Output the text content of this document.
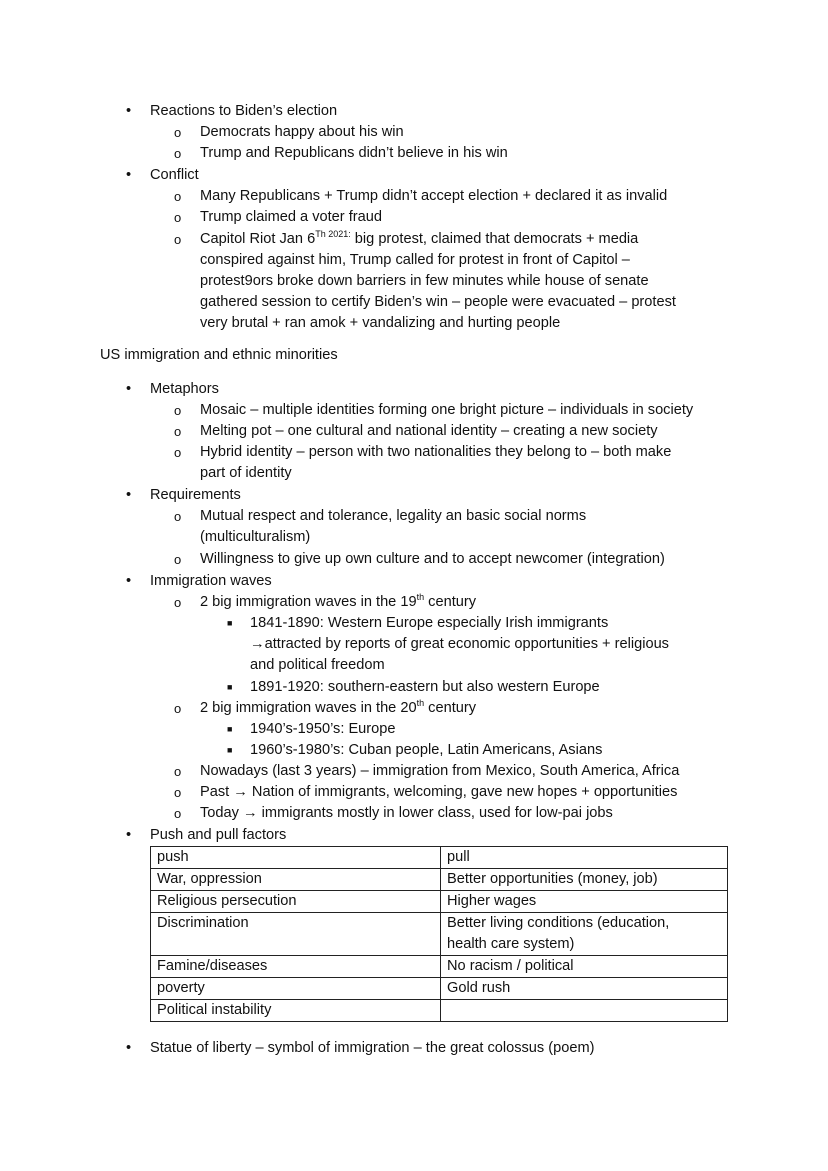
• Reactions to Biden’s election
o Democrats happy about his win
o Trump and Republicans didn’t believe in his win
• Conflict
o Many Republicans + Trump didn’t accept election + declared it as invalid
o Trump claimed a voter fraud
o Capitol Riot Jan $6^{Th 2021:}$ big protest, claimed that democrats + media
conspired against him, Trump called for protest in front of Capitol –
protest9ors broke down barriers in few minutes while house of senate
gathered session to certify Biden’s win – people were evacuated – protest
very brutal + ran amok + vandalizing and hurting people
US immigration and ethnic minorities
• Metaphors
o Mosaic – multiple identities forming one bright picture – individuals in society
o Melting pot – one cultural and national identity – creating a new society
o Hybrid identity – person with two nationalities they belong to – both make
part of identity
• Requirements
o Mutual respect and tolerance, legality an basic social norms
(multiculturalism)
o Willingness to give up own culture and to accept newcomer (integration)
• Immigration waves
o 2 big immigration waves in the 19th century
■ 1841-1890: Western Europe especially Irish immigrants
→attracted by reports of great economic opportunities + religious
and political freedom
■ 1891-1920: southern-eastern but also western Europe
o 2 big immigration waves in the 20th century
■ 1940’s-1950’s: Europe
■ 1960’s-1980’s: Cuban people, Latin Americans, Asians
o Nowadays (last 3 years) – immigration from Mexico, South America, Africa
o Past → Nation of immigrants, welcoming, gave new hopes + opportunities
o Today → immigrants mostly in lower class, used for low-pai jobs
• Push and pull factors
push	pull
War, oppression	Better opportunities (money, job)
Religious persecution	Higher wages
Discrimination	Better living conditions (education,
health care system)

Famine/diseases	No racism / political
poverty	Gold rush
Political instability	
• Statue of liberty – symbol of immigration – the great colossus (poem)
